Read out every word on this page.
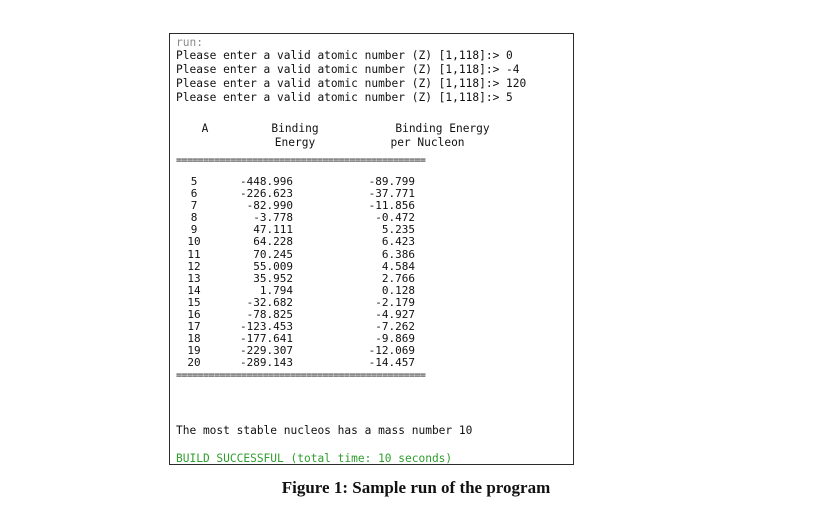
run:
Please enter a valid atomic number (Z) [1,118]:> 0
Please enter a valid atomic number (Z) [1,118]:> -4
Please enter a valid atomic number (Z) [1,118]:> 120
Please enter a valid atomic number (Z) [1,118]:> 5
A	Binding
Energy
Binding Energy
per Nucleon
==============================================
5	-448.996	-89.799
6	-226.623	-37.771
7	-82.990	-11.856
8	-3.778	-0.472
9	47.111	5.235
10	64.228	6.423
11	70.245	6.386
12	55.009	4.584
13	35.952	2.766
14	1.794	0.128
15	-32.682	-2.179
16	-78.825	-4.927
17	-123.453	-7.262
18	-177.641	-9.869
19	-229.307	-12.069
20	-289.143	-14.457
==============================================
The most stable nucleos has a mass number 10
BUILD SUCCESSFUL (total time: 10 seconds)
Figure 1: Sample run of the program
